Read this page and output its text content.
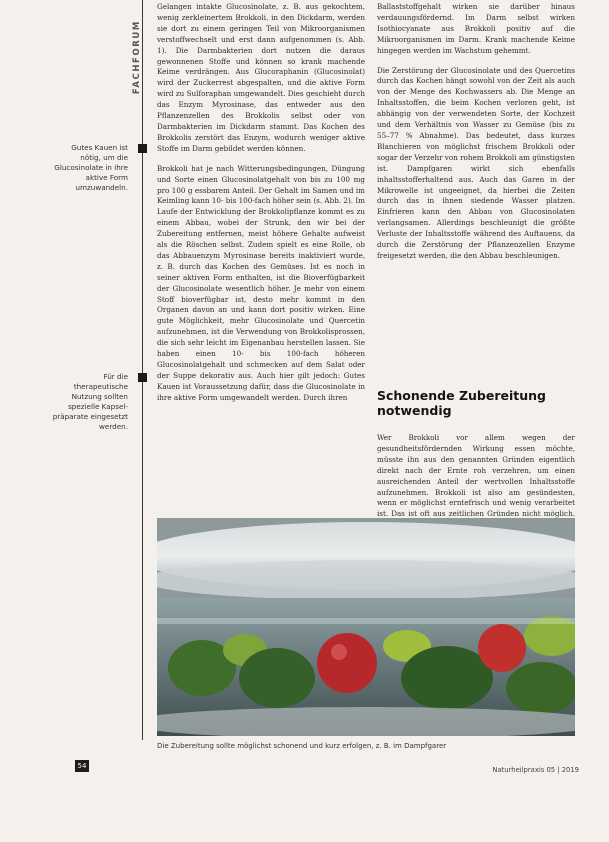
FACHFORUM
Gutes Kauen ist nötig, um die Glucosinolate in ihre aktive Form umzuwandeln.
Für die therapeutische Nutzung sollten spezielle Kapsel-präparate eingesetzt werden.

Gelangen intakte Glucosinolate, z. B. aus gekochtem, wenig zerkleinertem Brokkoli, in den Dickdarm, werden sie dort zu einem geringen Teil von Mikroorganismen verstoffwechselt und erst dann aufgenommen (s. Abb. 1). Die Darmbakterien dort nutzen die daraus gewonnenen Stoffe und können so krank machende Keime verdrängen. Aus Glucoraphanin (Glucosinolat) wird der Zuckerrest abgespalten, und die aktive Form wird zu Sulforaphan umgewandelt. Dies geschieht durch das Enzym Myrosinase, das entweder aus den Pflanzenzellen des Brokkolis selbst oder von Darmbakterien im Dickdarm stammt. Das Kochen des Brokkolis zerstört das Enzym, wodurch weniger aktive Stoffe im Darm gebildet werden können.

Brokkoli hat je nach Witterungsbedingungen, Düngung und Sorte einen Glucosinolatgehalt von bis zu 100 mg pro 100 g essbarem Anteil. Der Gehalt im Samen und im Keimling kann 10- bis 100-fach höher sein (s. Abb. 2). Im Laufe der Entwicklung der Brokkolipflanze kommt es zu einem Abbau, wobei der Strunk, den wir bei der Zubereitung entfernen, meist höhere Gehalte aufweist als die Röschen selbst. Zudem spielt es eine Rolle, ob das Abbauenzym Myrosinase bereits inaktiviert wurde, z. B. durch das Kochen des Gemüses. Ist es noch in seiner aktiven Form enthalten, ist die Bioverfügbarkeit der Glucosinolate wesentlich höher. Je mehr von einem Stoff bioverfügbar ist, desto mehr kommt in den Organen davon an und kann dort positiv wirken. Eine gute Möglichkeit, mehr Glucosinolate und Quercetin aufzunehmen, ist die Verwendung von Brokkolisprossen, die sich sehr leicht im Eigenanbau herstellen lassen. Sie haben einen 10- bis 100-fach höheren Glucosinolatgehalt und schmecken auf dem Salat oder der Suppe dekorativ aus. Auch hier gilt jedoch: Gutes Kauen ist Voraussetzung dafür, dass die Glucosinolate in ihre aktive Form umgewandelt werden. Durch ihren

Ballaststoffgehalt wirken sie darüber hinaus verdauungsfördernd. Im Darm selbst wirken Isothiocyanate aus Brokkoli positiv auf die Mikroorganismen im Darm. Krank machende Keime hingegen werden im Wachstum gehemmt.

Die Zerstörung der Glucosinolate und des Quercetins durch das Kochen hängt sowohl von der Zeit als auch von der Menge des Kochwassers ab. Die Menge an Inhaltsstoffen, die beim Kochen verloren geht, ist abhängig von der verwendeten Sorte, der Kochzeit und dem Verhältnis von Wasser zu Gemüse (bis zu 55–77 % Abnahme). Das bedeutet, dass kurzes Blanchieren von möglichst frischem Brokkoli oder sogar der Verzehr von rohem Brokkoli am günstigsten ist. Dampfgaren wirkt sich ebenfalls inhaltsstofferhaltend aus. Auch das Garen in der Mikrowelle ist ungeeignet, da hierbei die Zeiten durch das in ihnen siedende Wasser platzen. Einfrieren kann den Abbau von Glucosinolaten verlangsamen. Allerdings beschleunigt die größte Verluste der Inhaltsstoffe während des Auftauens, da durch die Zerstörung der Pflanzenzellen Enzyme freigesetzt werden, die den Abbau beschleunigen.

Schonende Zubereitung notwendig

Wer Brokkoli vor allem wegen der gesundheitsfördernden Wirkung essen möchte, müsste ihn aus den genannten Gründen eigentlich direkt nach der Ernte roh verzehren, um einen ausreichenden Anteil der wertvollen Inhaltsstoffe aufzunehmen. Brokkoli ist also am gesündesten, wenn er möglichst erntefrisch und wenig verarbeitet ist. Das ist oft aus zeitlichen Gründen nicht möglich.

Die Zubereitung sollte möglichst schonend und kurz erfolgen, z. B. im Dampfgarer
54	Naturheilpraxis 05 | 2019
